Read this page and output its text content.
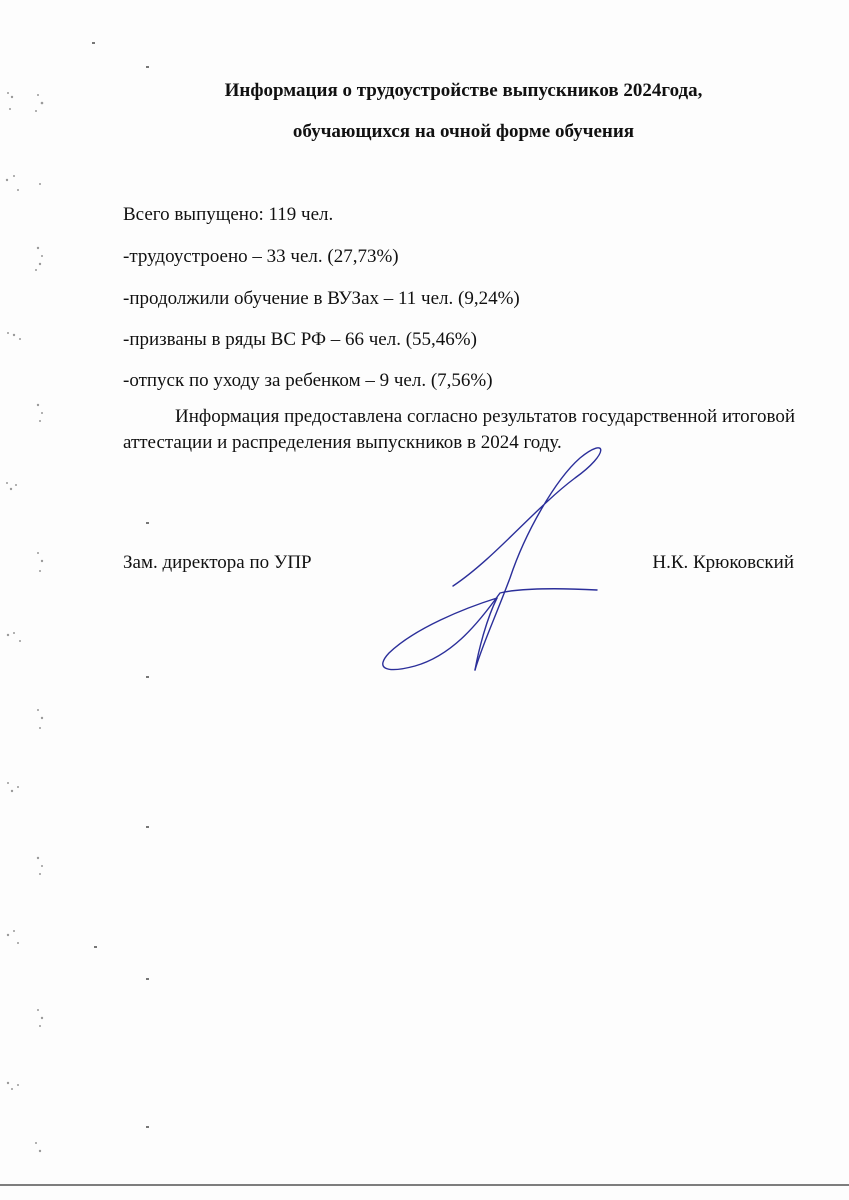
Информация о трудоустройстве выпускников 2024года,
обучающихся на очной форме обучения
Всего выпущено: 119 чел.
-трудоустроено – 33 чел. (27,73%)
-продолжили обучение в ВУЗах – 11 чел. (9,24%)
-призваны в ряды ВС РФ – 66 чел. (55,46%)
-отпуск по уходу за ребенком – 9 чел. (7,56%)
Информация предоставлена согласно результатов государственной итоговой аттестации и распределения выпускников в 2024 году.
Зам. директора по УПР	Н.К. Крюковский
